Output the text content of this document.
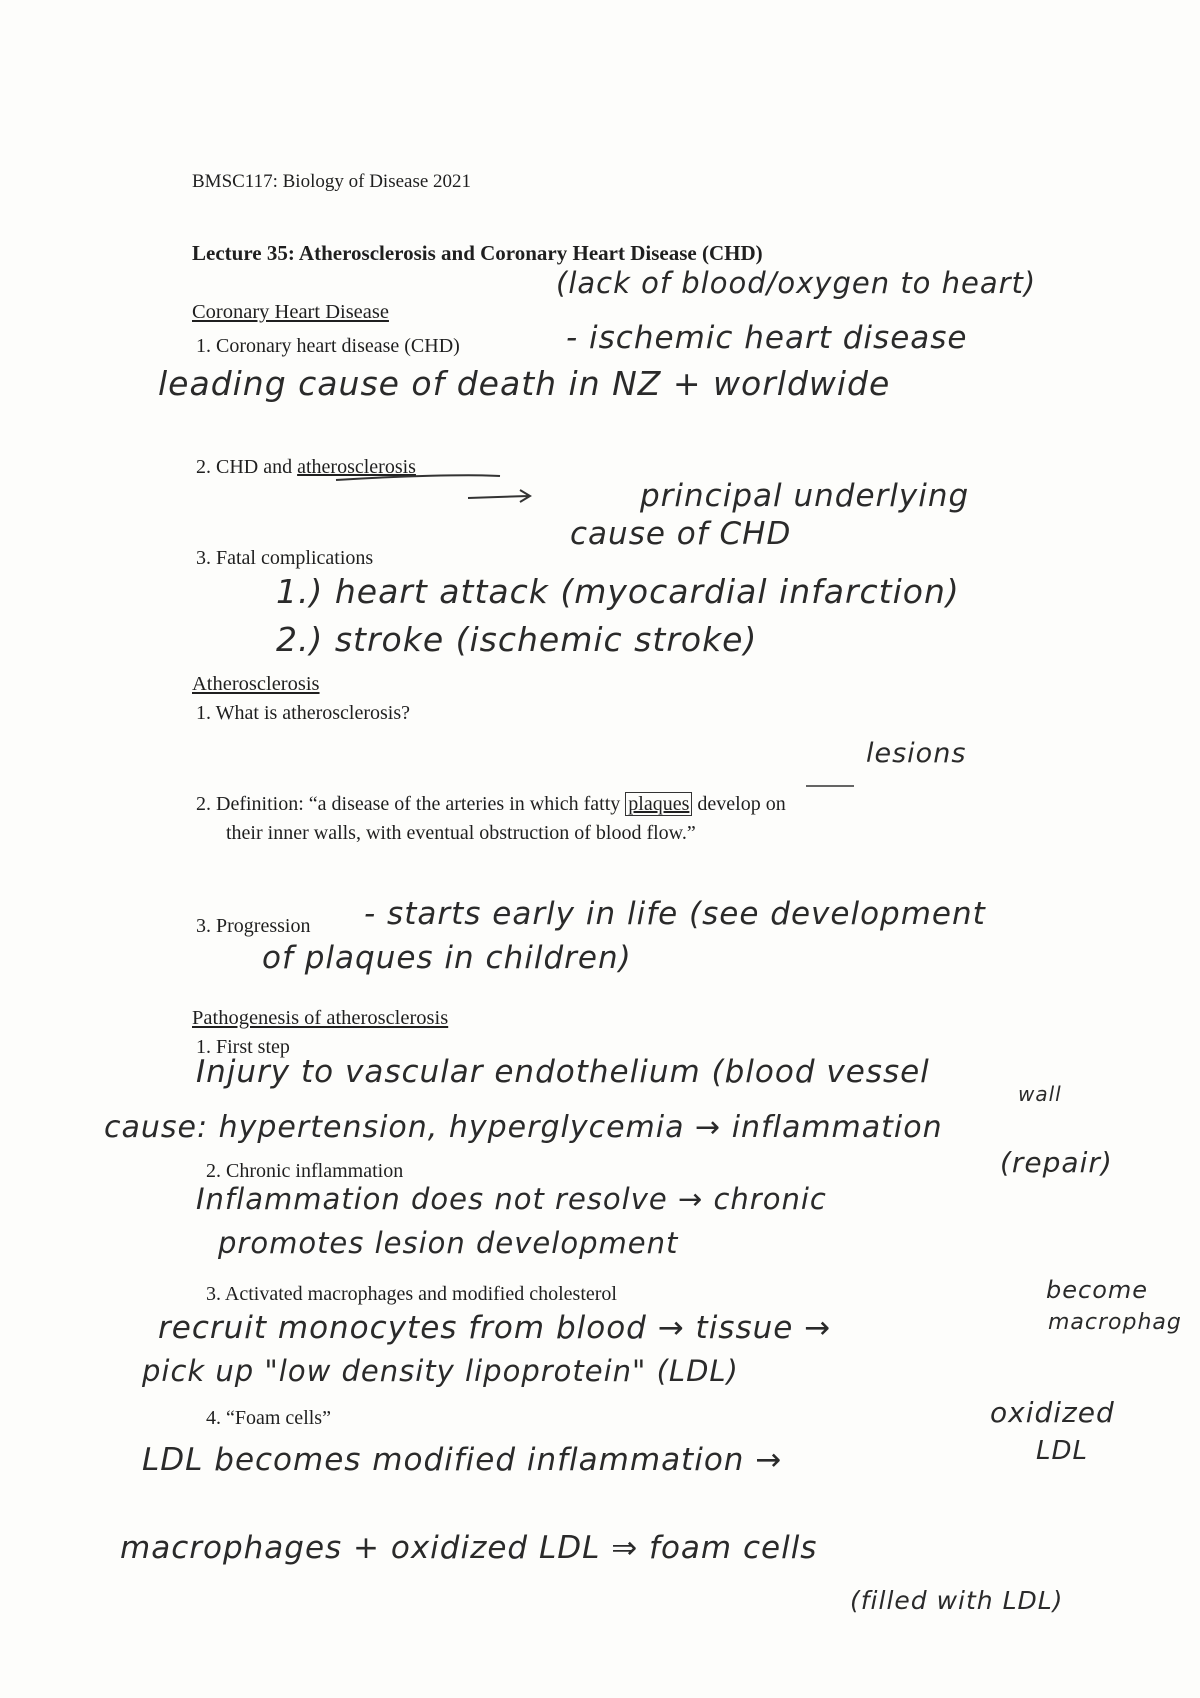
BMSC117: Biology of Disease 2021
Lecture 35: Atherosclerosis and Coronary Heart Disease (CHD)
Coronary Heart Disease
1. Coronary heart disease (CHD)
2. CHD and atherosclerosis
3. Fatal complications
Atherosclerosis
1. What is atherosclerosis?
2. Definition: “a disease of the arteries in which fatty plaques develop on
their inner walls, with eventual obstruction of blood flow.”
3. Progression
Pathogenesis of atherosclerosis
1. First step
2. Chronic inflammation
3. Activated macrophages and modified cholesterol
4. “Foam cells”
(lack of blood/oxygen to heart)
- ischemic heart disease
leading cause of death in NZ + worldwide
principal underlying
cause of CHD
1.) heart attack (myocardial infarction)
2.) stroke (ischemic stroke)
lesions
- starts early in life (see development
of plaques in children)
Injury to vascular endothelium (blood vessel
wall
cause: hypertension, hyperglycemia → inflammation
(repair)
Inflammation does not resolve → chronic
promotes lesion development
become
macrophag
recruit monocytes from blood → tissue →
pick up "low density lipoprotein" (LDL)
oxidized
LDL
LDL becomes modified inflammation →
macrophages + oxidized LDL ⇒ foam cells
(filled with LDL)
